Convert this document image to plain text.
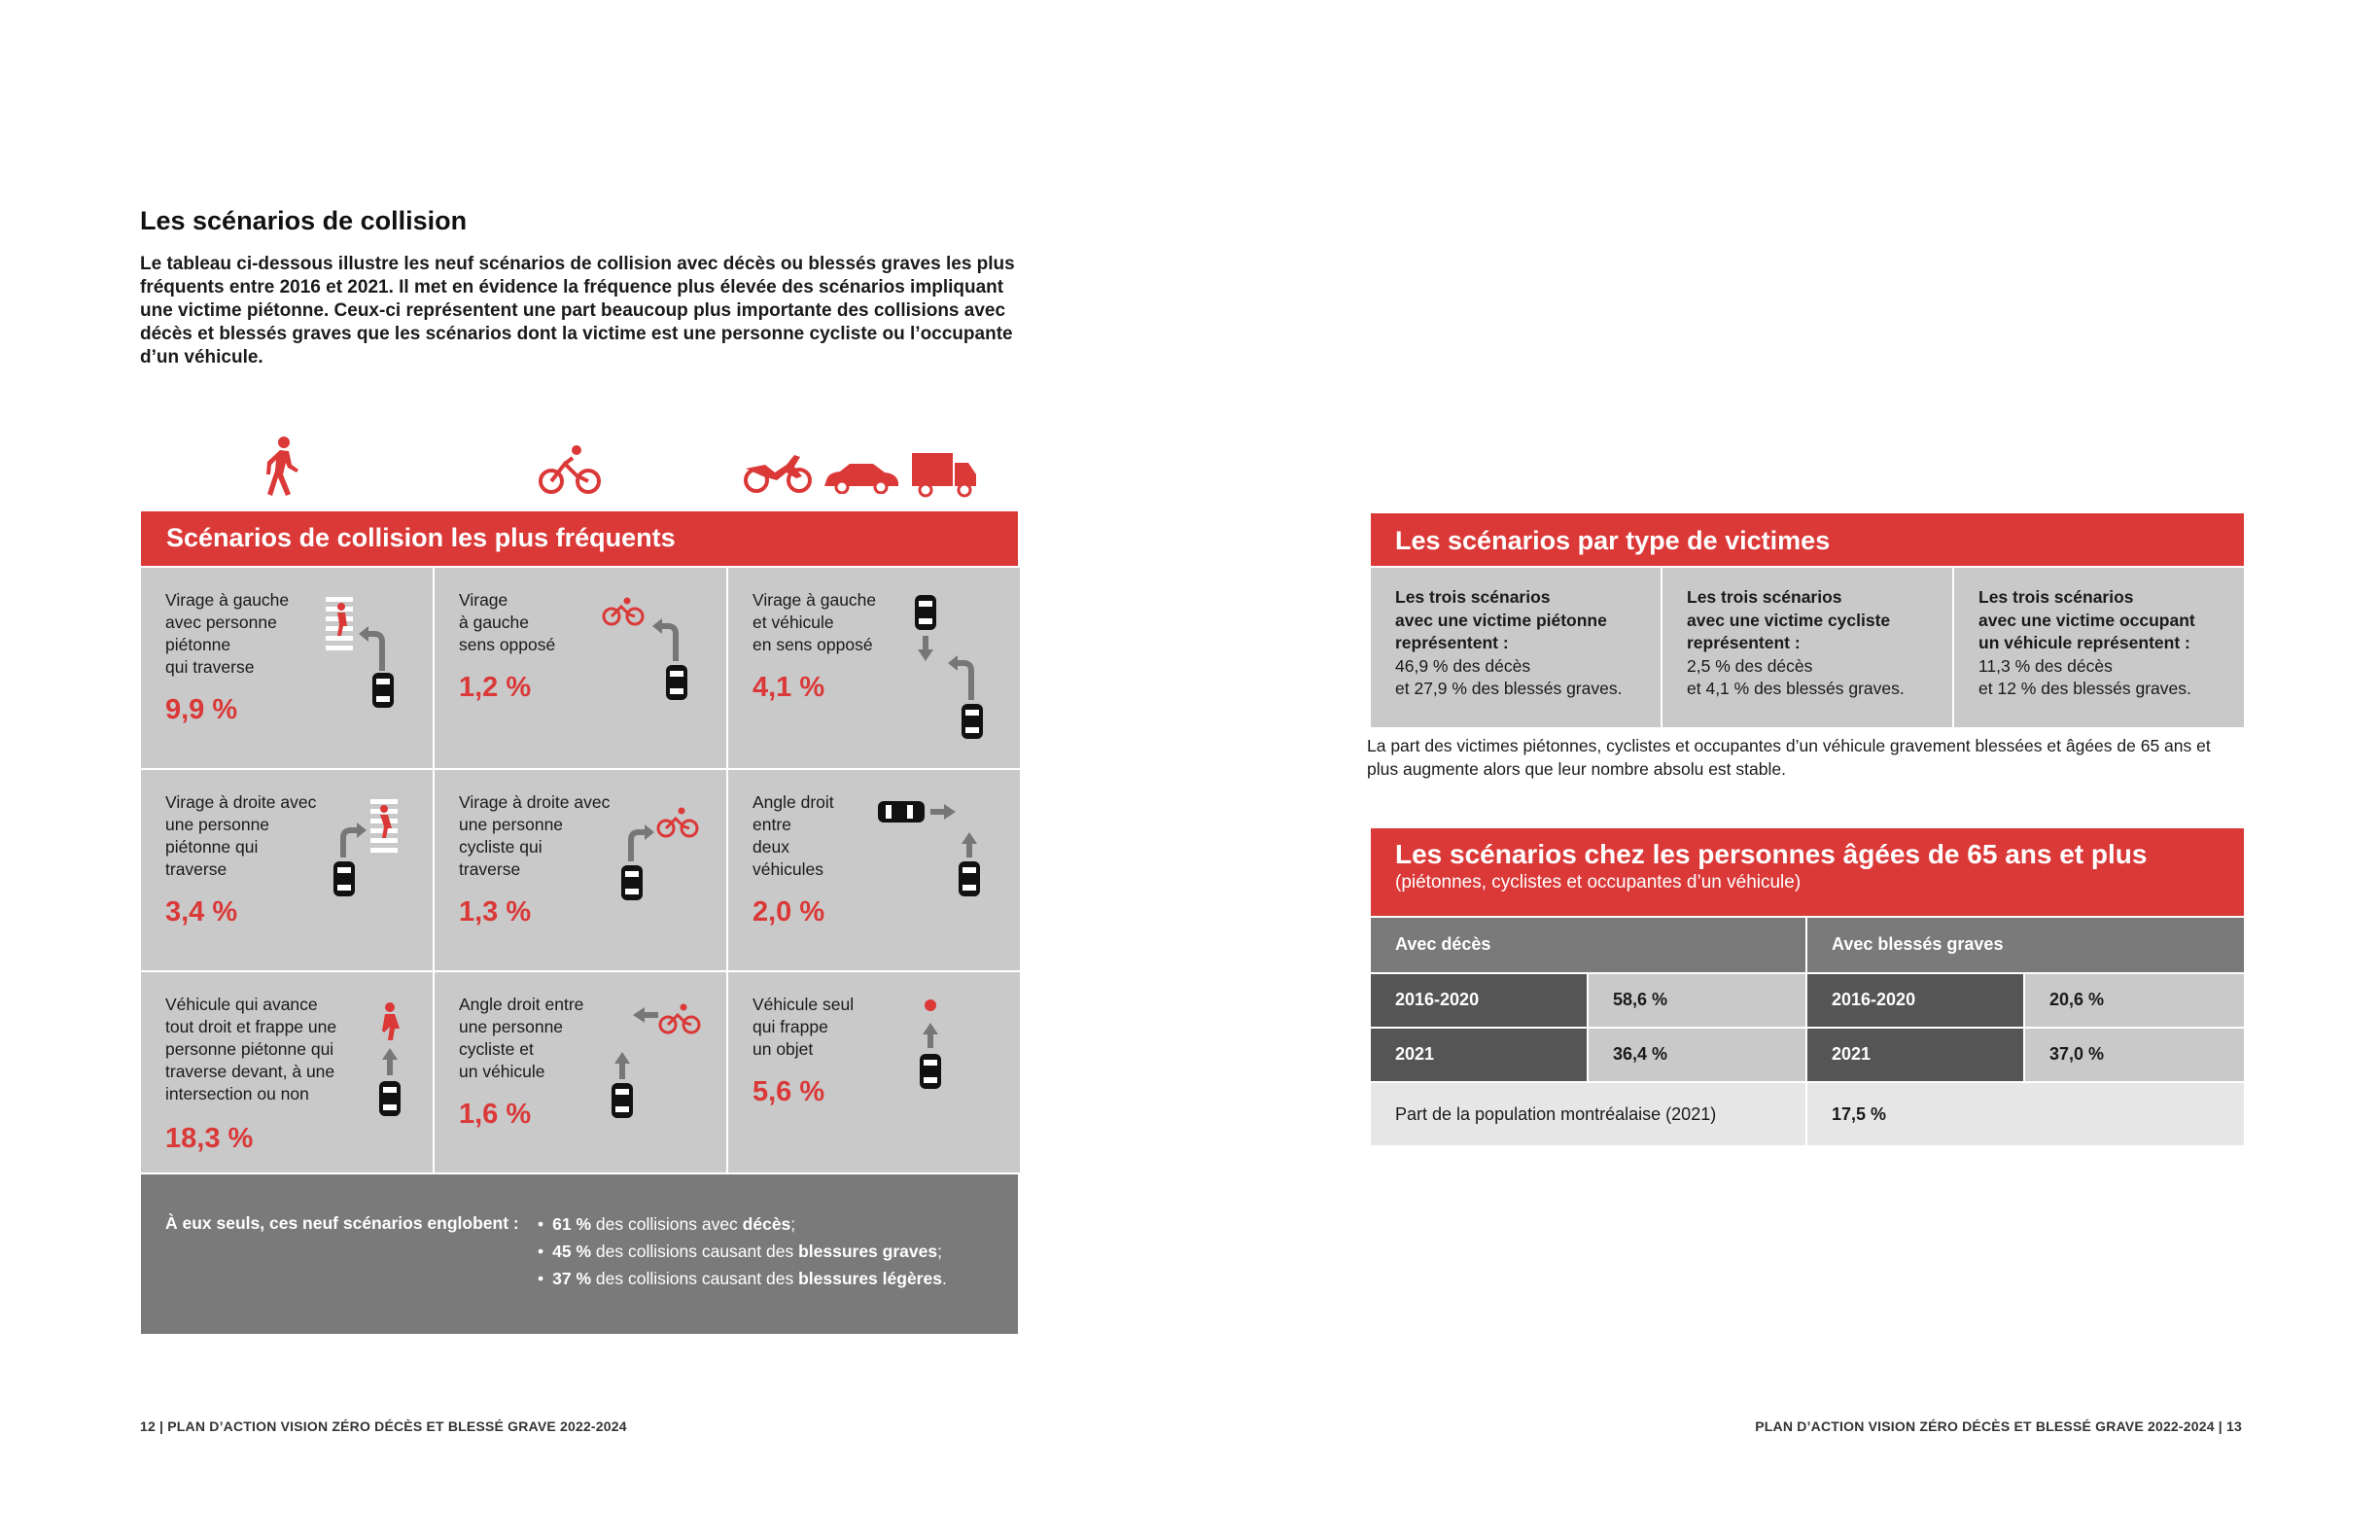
Les scénarios de collision
Le tableau ci-dessous illustre les neuf scénarios de collision avec décès ou blessés graves les plus fréquents entre 2016 et 2021. Il met en évidence la fréquence plus élevée des scénarios impliquant une victime piétonne. Ceux-ci représentent une part beaucoup plus importante des collisions avec décès et blessés graves que les scénarios dont la victime est une personne cycliste ou l’occupante d’un véhicule.
Scénarios de collision les plus fréquents
Virage à gauche
avec personne
piétonne
qui traverse
9,9 %
Virage
à gauche
sens opposé
1,2 %
Virage à gauche
et véhicule
en sens opposé
4,1 %
Virage à droite avec
une personne
piétonne qui
traverse
3,4 %
Virage à droite avec
une personne
cycliste qui
traverse
1,3 %
Angle droit
entre
deux
véhicules
2,0 %
Véhicule qui avance
tout droit et frappe une
personne piétonne qui
traverse devant, à une
intersection ou non
18,3 %
Angle droit entre
une personne
cycliste et
un véhicule
1,6 %
Véhicule seul
qui frappe
un objet
5,6 %
À eux seuls, ces neuf scénarios englobent :
•	61 % des collisions avec décès;
• 45 % des collisions causant des blessures graves;
• 37 % des collisions causant des blessures légères.
Les scénarios par type de victimes
Les trois scénarios
avec une victime piétonne
représentent :
46,9 % des décès
et 27,9 % des blessés graves.
Les trois scénarios
avec une victime cycliste
représentent :
2,5 % des décès
et 4,1 % des blessés graves.
Les trois scénarios
avec une victime occupant
un véhicule représentent :
11,3 % des décès
et 12 % des blessés graves.
La part des victimes piétonnes, cyclistes et occupantes d’un véhicule gravement blessées et âgées de 65 ans et plus augmente alors que leur nombre absolu est stable.
Les scénarios chez les personnes âgées de 65 ans et plus
(piétonnes, cyclistes et occupantes d’un véhicule)
Avec décès	Avec blessés graves
2016-2020	58,6 %	2016-2020	20,6 %
2021	36,4 %	2021	37,0 %
Part de la population montréalaise (2021)	17,5 %
12 | PLAN D’ACTION VISION ZÉRO DÉCÈS ET BLESSÉ GRAVE 2022-2024	PLAN D’ACTION VISION ZÉRO DÉCÈS ET BLESSÉ GRAVE 2022-2024 | 13
